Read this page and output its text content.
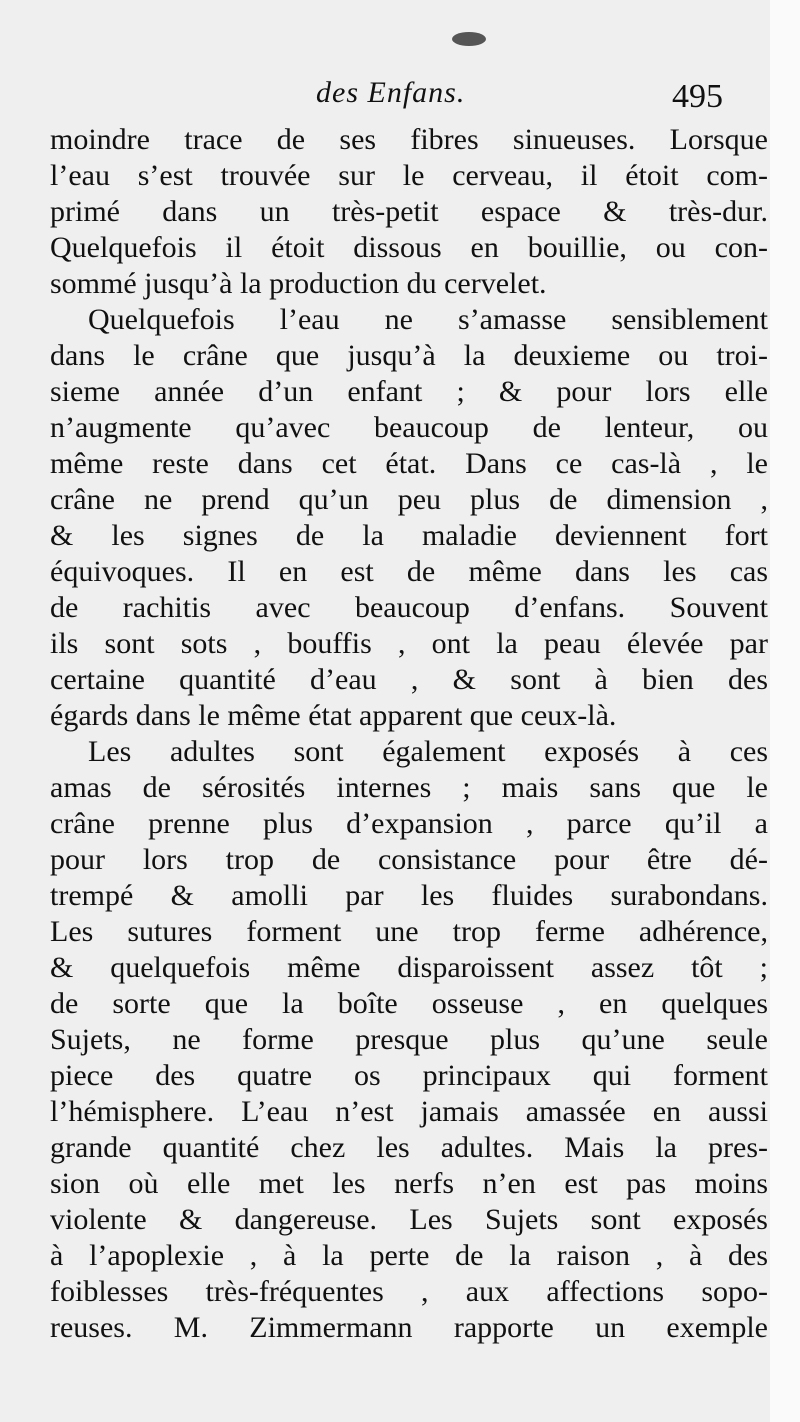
des Enfans.	495
moindre trace de ses fibres sinueuses. Lorsque
l’eau s’est trouvée sur le cerveau, il étoit com-
primé dans un très-petit espace & très-dur.
Quelquefois il étoit dissous en bouillie, ou con-
sommé jusqu’à la production du cervelet.
Quelquefois l’eau ne s’amasse sensiblement
dans le crâne que jusqu’à la deuxieme ou troi-
sieme année d’un enfant ; & pour lors elle
n’augmente qu’avec beaucoup de lenteur, ou
même reste dans cet état. Dans ce cas-là , le
crâne ne prend qu’un peu plus de dimension ,
& les signes de la maladie deviennent fort
équivoques. Il en est de même dans les cas
de rachitis avec beaucoup d’enfans. Souvent
ils sont sots , bouffis , ont la peau élevée par
certaine quantité d’eau , & sont à bien des
égards dans le même état apparent que ceux-là.
Les adultes sont également exposés à ces
amas de sérosités internes ; mais sans que le
crâne prenne plus d’expansion , parce qu’il a
pour lors trop de consistance pour être dé-
trempé & amolli par les fluides surabondans.
Les sutures forment une trop ferme adhérence,
& quelquefois même disparoissent assez tôt ;
de sorte que la boîte osseuse , en quelques
Sujets, ne forme presque plus qu’une seule
piece des quatre os principaux qui forment
l’hémisphere. L’eau n’est jamais amassée en aussi
grande quantité chez les adultes. Mais la pres-
sion où elle met les nerfs n’en est pas moins
violente & dangereuse. Les Sujets sont exposés
à l’apoplexie , à la perte de la raison , à des
foiblesses très-fréquentes , aux affections sopo-
reuses. M. Zimmermann rapporte un exemple
